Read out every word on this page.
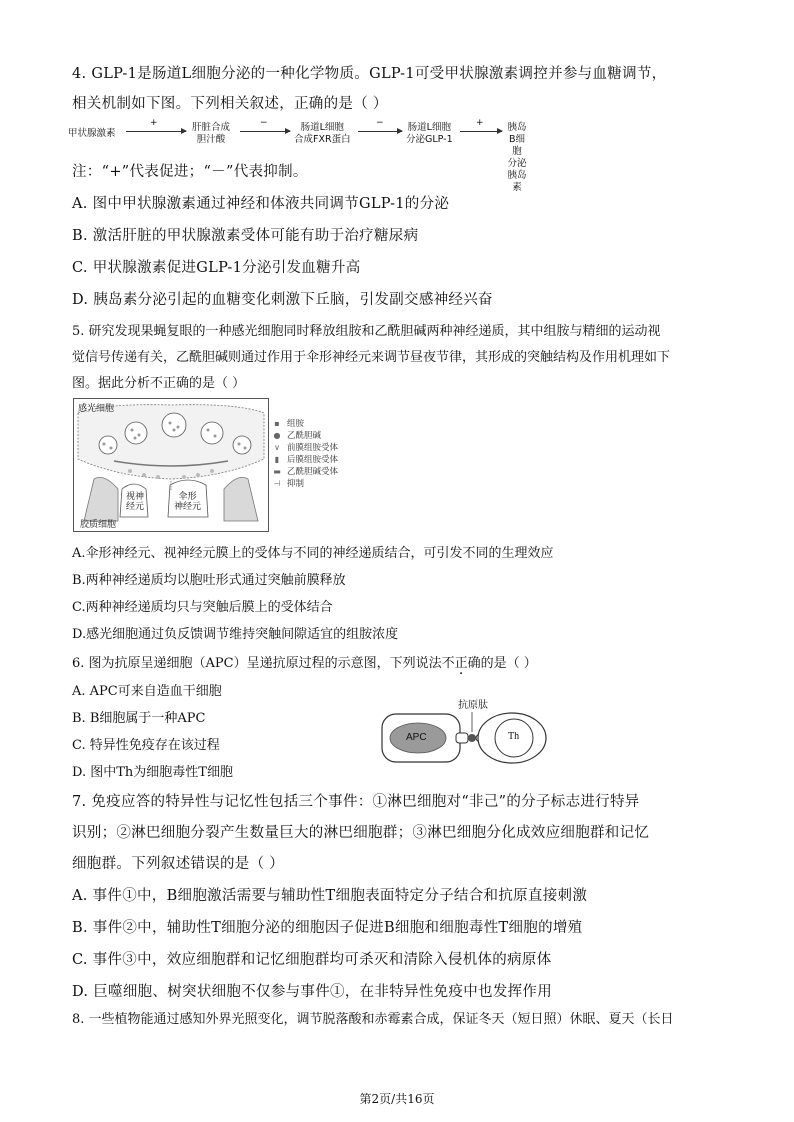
4. GLP-1是肠道L细胞分泌的一种化学物质。GLP-1可受甲状腺激素调控并参与血糖调节，
相关机制如下图。下列相关叙述，正确的是（ ）
甲状腺激素
+	肝脏合成
胆汁酸
−	肠道L细胞
合成FXR蛋白
−	肠道L细胞
分泌GLP-1
+	胰岛B细胞
分泌胰岛素
注：“+”代表促进；“－”代表抑制。
A. 图中甲状腺激素通过神经和体液共同调节GLP-1的分泌
B. 激活肝脏的甲状腺激素受体可能有助于治疗糖尿病
C. 甲状腺激素促进GLP-1分泌引发血糖升高
D. 胰岛素分泌引起的血糖变化刺激下丘脑，引发副交感神经兴奋
5. 研究发现果蝇复眼的一种感光细胞同时释放组胺和乙酰胆碱两种神经递质，其中组胺与精细的运动视
觉信号传递有关，乙酰胆碱则通过作用于伞形神经元来调节昼夜节律，其形成的突触结构及作用机理如下
图。据此分析不正确的是（ ）
感光细胞
胶质细胞
视神
经元
伞形
神经元
▪ 组胺
● 乙酰胆碱
∨ 前膜组胺受体
▮ 后膜组胺受体
▬ 乙酰胆碱受体
⊣ 抑制
A.伞形神经元、视神经元膜上的受体与不同的神经递质结合，可引发不同的生理效应
B.两种神经递质均以胞吐形式通过突触前膜释放
C.两种神经递质均只与突触后膜上的受体结合
D.感光细胞通过负反馈调节维持突触间隙适宜的组胺浓度
6. 图为抗原呈递细胞（APC）呈递抗原过程的示意图，下列说法不正确的是（ ）
A. APC可来自造血干细胞
B. B细胞属于一种APC
C. 特异性免疫存在该过程
D. 图中Th为细胞毒性T细胞
抗原肽
APC	Th
7. 免疫应答的特异性与记忆性包括三个事件：①淋巴细胞对“非己”的分子标志进行特异
识别；②淋巴细胞分裂产生数量巨大的淋巴细胞群；③淋巴细胞分化成效应细胞群和记忆
细胞群。下列叙述错误的是（ ）
A. 事件①中，B细胞激活需要与辅助性T细胞表面特定分子结合和抗原直接刺激
B. 事件②中，辅助性T细胞分泌的细胞因子促进B细胞和细胞毒性T细胞的增殖
C. 事件③中，效应细胞群和记忆细胞群均可杀灭和清除入侵机体的病原体
D. 巨噬细胞、树突状细胞不仅参与事件①，在非特异性免疫中也发挥作用
8. 一些植物能通过感知外界光照变化，调节脱落酸和赤霉素合成，保证冬天（短日照）休眠、夏天（长日
第2页/共16页
